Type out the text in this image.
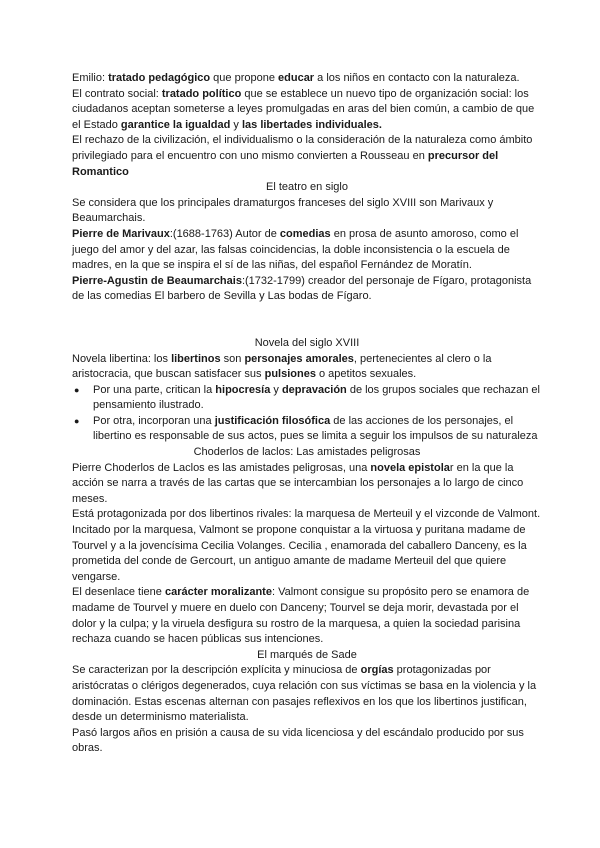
Emilio: tratado pedagógico que propone educar a los niños en contacto con la naturaleza.

El contrato social: tratado político que se establece un nuevo tipo de organización social: los ciudadanos aceptan someterse a leyes promulgadas en aras del bien común, a cambio de que el Estado garantice la igualdad y las libertades individuales.

El rechazo de la civilización, el individualismo o la consideración de la naturaleza como ámbito privilegiado para el encuentro con uno mismo convierten a Rousseau en precursor del Romantico

El teatro en siglo

Se considera que los principales dramaturgos franceses del siglo XVIII son Marivaux y Beaumarchais.

Pierre de Marivaux:(1688-1763) Autor de comedias en prosa de asunto amoroso, como el juego del amor y del azar, las falsas coincidencias, la doble inconsistencia o la escuela de madres, en la que se inspira el sí de las niñas, del español Fernández de Moratín.

Pierre-Agustin de Beaumarchais:(1732-1799) creador del personaje de Fígaro, protagonista de las comedias El barbero de Sevilla y Las bodas de Fígaro.

Novela del siglo XVIII

Novela libertina: los libertinos son personajes amorales, pertenecientes al clero o la aristocracia, que buscan satisfacer sus pulsiones o apetitos sexuales.

● Por una parte, critican la hipocresía y depravación de los grupos sociales que rechazan el pensamiento ilustrado.
● Por otra, incorporan una justificación filosófica de las acciones de los personajes, el libertino es responsable de sus actos, pues se limita a seguir los impulsos de su naturaleza

Choderlos de laclos: Las amistades peligrosas

Pierre Choderlos de Laclos es las amistades peligrosas, una novela epistolar en la que la acción se narra a través de las cartas que se intercambian los personajes a lo largo de cinco meses.

Está protagonizada por dos libertinos rivales: la marquesa de Merteuil y el vizconde de Valmont. Incitado por la marquesa, Valmont se propone conquistar a la virtuosa y puritana madame de Tourvel y a la jovencísima Cecilia Volanges. Cecilia , enamorada del caballero Danceny, es la prometida del conde de Gercourt, un antiguo amante de madame Merteuil del que quiere vengarse.

El desenlace tiene carácter moralizante: Valmont consigue su propósito pero se enamora de madame de Tourvel y muere en duelo con Danceny; Tourvel se deja morir, devastada por el dolor y la culpa; y la viruela desfigura su rostro de la marquesa, a quien la sociedad parisina rechaza cuando se hacen públicas sus intenciones.

El marqués de Sade

Se caracterizan por la descripción explícita y minuciosa de orgías protagonizadas por aristócratas o clérigos degenerados, cuya relación con sus víctimas se basa en la violencia y la dominación. Estas escenas alternan con pasajes reflexivos en los que los libertinos justifican, desde un determinismo materialista.

Pasó largos años en prisión a causa de su vida licenciosa y del escándalo producido por sus obras.
